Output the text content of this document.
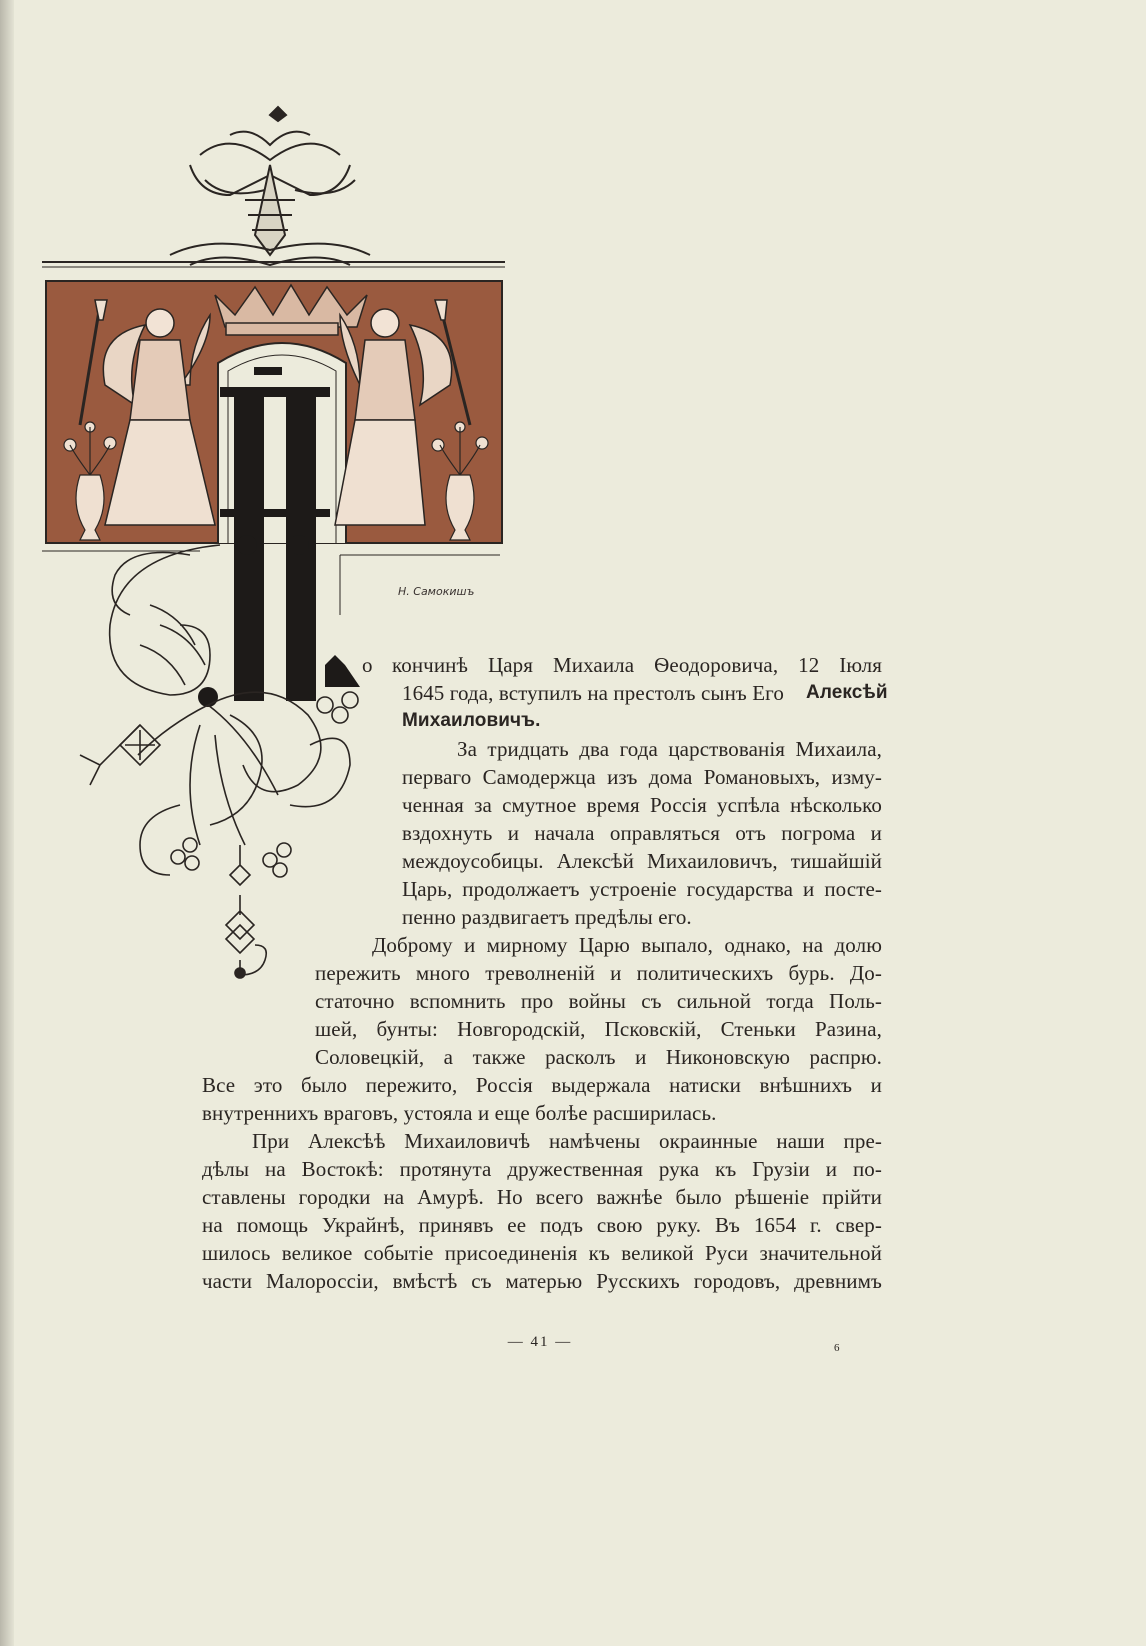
Н. Самокишъ
о кончинѣ Царя Михаила Ѳеодоровича, 12 Іюля
1645 года, вступилъ на престолъ сынъ Его Алексѣй
Михаиловичъ.
За тридцать два года царствованія Михаила,
перваго Самодержца изъ дома Романовыхъ, изму-
ченная за смутное время Россія успѣла нѣсколько
вздохнуть и начала оправляться отъ погрома и
междоусобицы. Алексѣй Михаиловичъ, тишайшій
Царь, продолжаетъ устроеніе государства и посте-
пенно раздвигаетъ предѣлы его.
Доброму и мирному Царю выпало, однако, на долю
пережить много треволненій и политическихъ бурь. До-
статочно вспомнить про войны съ сильной тогда Поль-
шей, бунты: Новгородскій, Псковскій, Стеньки Разина,
Соловецкій, а также расколъ и Никоновскую распрю.
Все это было пережито, Россія выдержала натиски внѣшнихъ и
внутреннихъ враговъ, устояла и еще болѣе расширилась.
При Алексѣѣ Михаиловичѣ намѣчены окраинные наши пре-
дѣлы на Востокѣ: протянута дружественная рука къ Грузіи и по-
ставлены городки на Амурѣ. Но всего важнѣе было рѣшеніе прійти
на помощь Украйнѣ, принявъ ее подъ свою руку. Въ 1654 г. свер-
шилось великое событіе присоединенія къ великой Руси значительной
части Малороссіи, вмѣстѣ съ матерью Русскихъ городовъ, древнимъ
— 41 —	6
